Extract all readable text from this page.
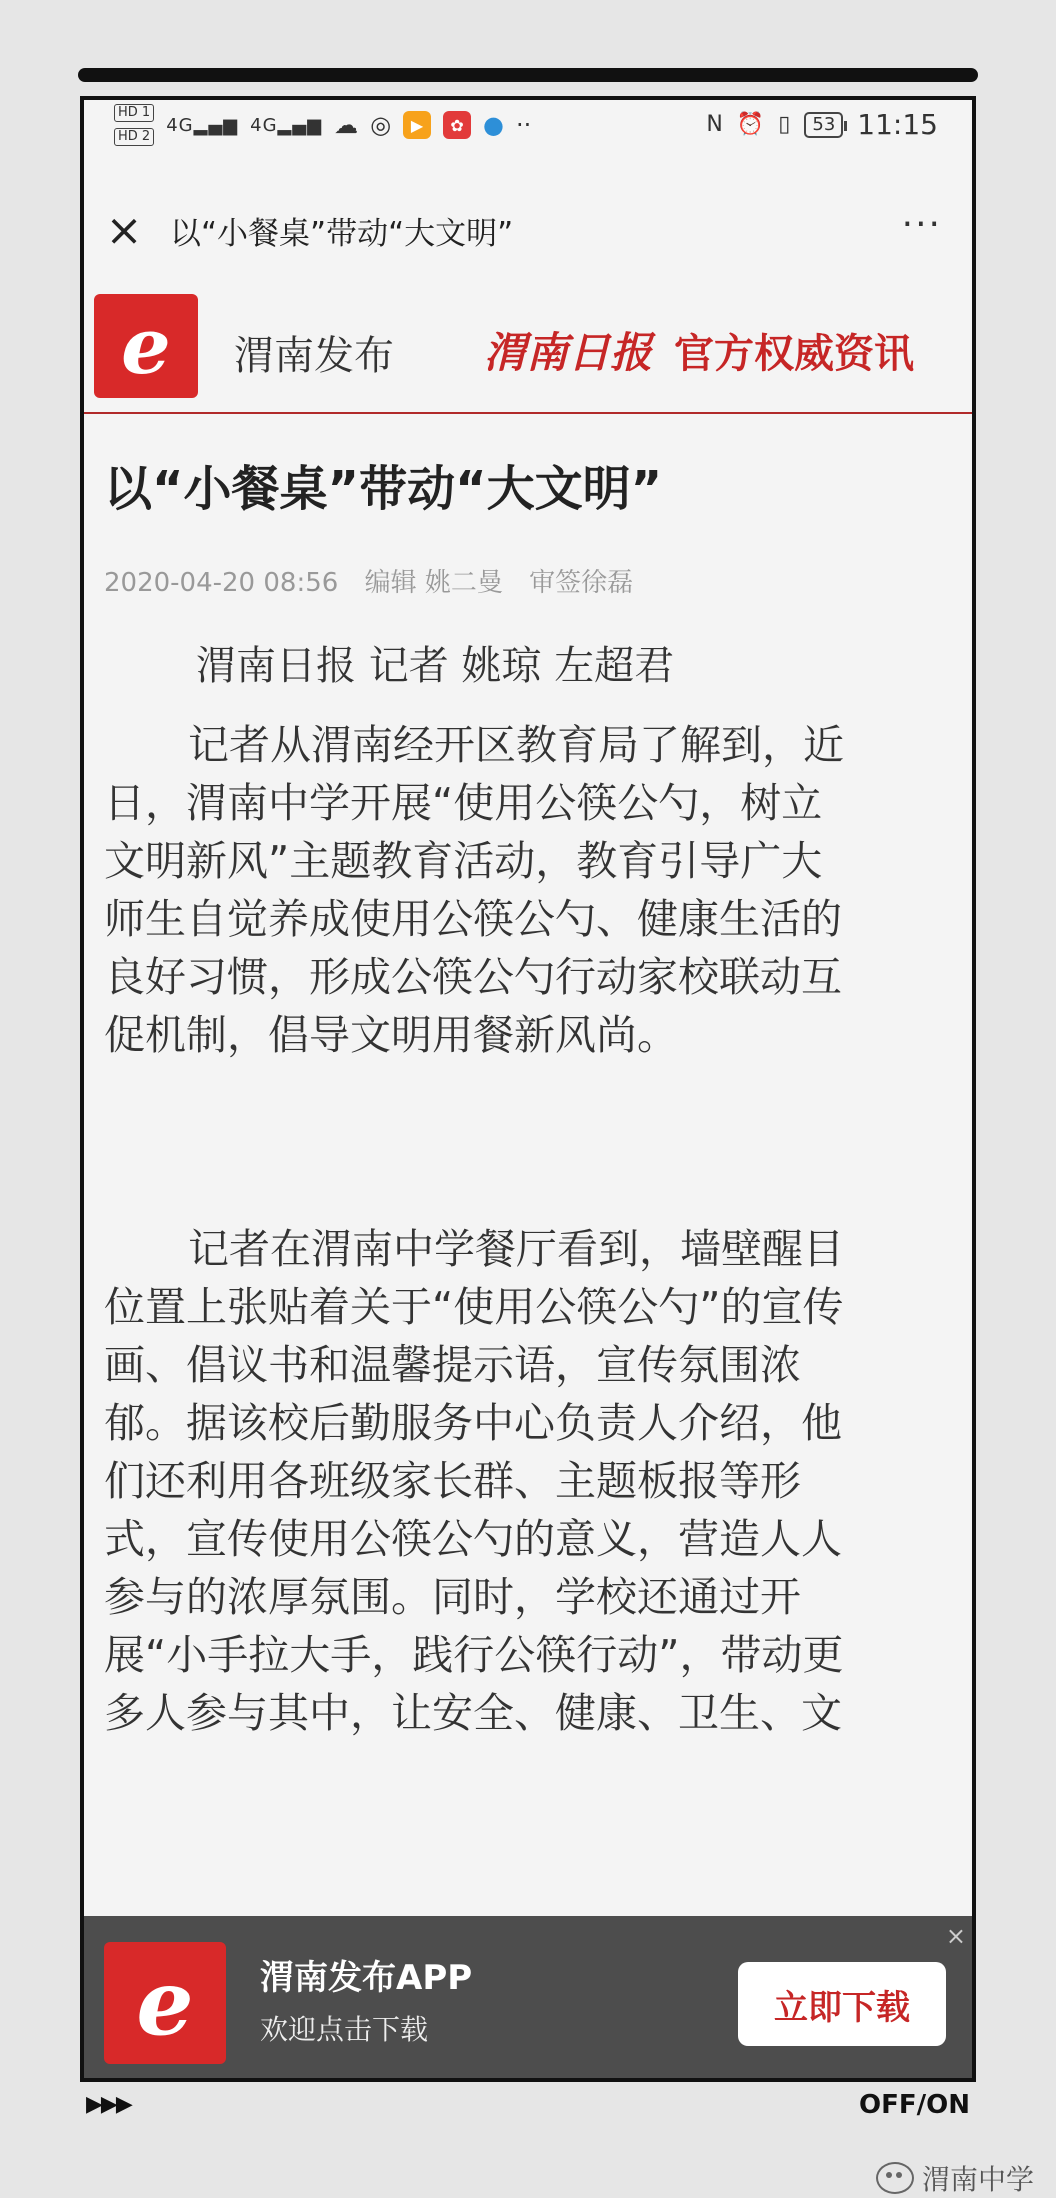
HD 1
HD 2
4G▂▄▆ 4G▂▄▆ ☁ ◎	▶	✿ ● ··	N ⏰ ▯	53 11:15
× 以“小餐桌”带动“大文明”	···
e	渭南发布 渭南日报 官方权威资讯
以“小餐桌”带动“大文明”
2020-04-20 08:56 编辑 姚二曼 审签徐磊
渭南日报 记者 姚琼 左超君
记者从渭南经开区教育局了解到，近
日，渭南中学开展“使用公筷公勺，树立
文明新风”主题教育活动，教育引导广大
师生自觉养成使用公筷公勺、健康生活的
良好习惯，形成公筷公勺行动家校联动互
促机制，倡导文明用餐新风尚。
记者在渭南中学餐厅看到，墙壁醒目
位置上张贴着关于“使用公筷公勺”的宣传
画、倡议书和温馨提示语，宣传氛围浓
郁。据该校后勤服务中心负责人介绍，他
们还利用各班级家长群、主题板报等形
式，宣传使用公筷公勺的意义，营造人人
参与的浓厚氛围。同时，学校还通过开
展“小手拉大手，践行公筷行动”，带动更
多人参与其中，让安全、健康、卫生、文
e	渭南发布APP
欢迎点击下载
立即下载
×
▶▶▶	OFF/ON
渭南中学
